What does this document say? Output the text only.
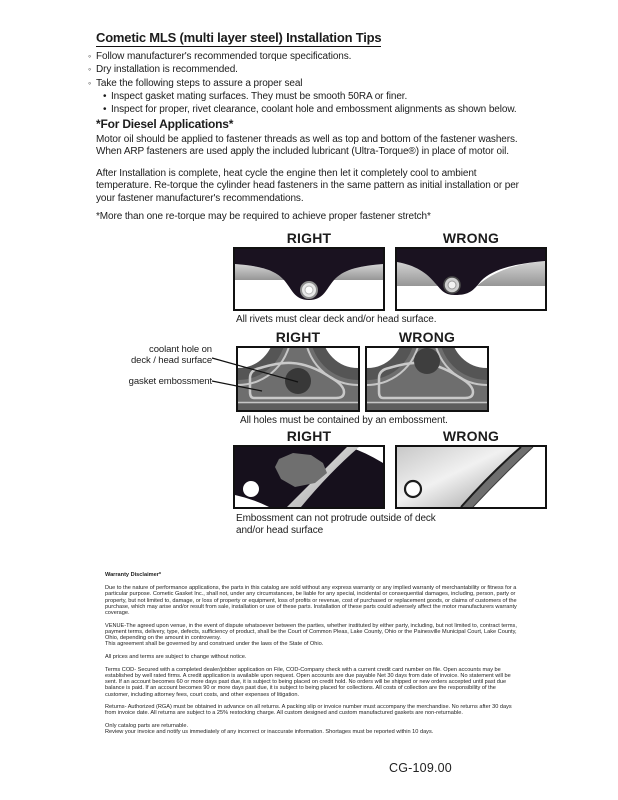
Cometic MLS (multi layer steel) Installation Tips
◦
Follow manufacturer's recommended torque specifications.
◦
Dry installation is recommended.
◦
Take the following steps to assure a proper seal
•
Inspect gasket mating surfaces. They must be smooth 50RA or finer.
•
Inspect for proper, rivet clearance, coolant hole and embossment alignments as shown below.
*For Diesel Applications*
Motor oil should be applied to fastener threads as well as top and bottom of the fastener washers. When ARP fasteners are used apply the included lubricant (Ultra-Torque®) in place of motor oil.
After Installation is complete, heat cycle the engine then let it completely cool to ambient temperature. Re-torque the cylinder head fasteners in the same pattern as initial installation or per your fastener manufacturer's recommendations.
*More than one re-torque may be required to achieve proper fastener stretch*
RIGHT	WRONG
All rivets must clear deck and/or head surface.
RIGHT	WRONG
coolant hole on
deck / head surface
gasket embossment
All holes must be contained by an embossment.
RIGHT	WRONG
Embossment can not protrude outside of deck
and/or head surface
Warranty Disclaimer*

Due to the nature of performance applications, the parts in this catalog are sold without any express warranty or any implied warranty of merchantability or fitness for a particular purpose. Cometic Gasket Inc., shall not, under any circumstances, be liable for any special, incidental or consequential damages, including, person, party or property, but not limited to, damage, or loss of property or equipment, loss of profits or revenue, cost of purchased or replacement goods, or claims of customers of the purchase, which may arise and/or result from sale, installation or use of these parts. Installation of these parts could adversely affect the motor manufacturers warranty coverage.

VENUE-The agreed upon venue, in the event of dispute whatsoever between the parties, whether instituted by either party, including, but not limited to, contract terms, payment terms, delivery, type, defects, sufficiency of product, shall be the Court of Common Pleas, Lake County, Ohio or the Painesville Municipal Court, Lake County, Ohio, depending on the amount in controversy.

This agreement shall be governed by and construed under the laws of the State of Ohio.

All prices and terms are subject to change without notice.

Terms COD- Secured with a completed dealer/jobber application on File, COD-Company check with a current credit card number on file. Open accounts may be established by well rated firms. A credit application is available upon request. Open accounts are due payable Net 30 days from date of invoice. No statement will be sent. If an account becomes 60 or more days past due, it is subject to being placed on credit hold. No orders will be shipped or new orders accepted until past due balance is paid. If an account becomes 90 or more days past due, it is subject to being placed for collections. All costs of collection are the responsibility of the customer, including attorney fees, court costs, and other expenses of litigation.

Returns- Authorized (RGA) must be obtained in advance on all returns. A packing slip or invoice number must accompany the merchandise. No returns after 30 days from invoice date. All returns are subject to a 25% restocking charge. All custom designed and custom manufactured gaskets are non-returnable.

Only catalog parts are returnable.

Review your invoice and notify us immediately of any incorrect or inaccurate information. Shortages must be reported within 10 days.

CG-109.00
